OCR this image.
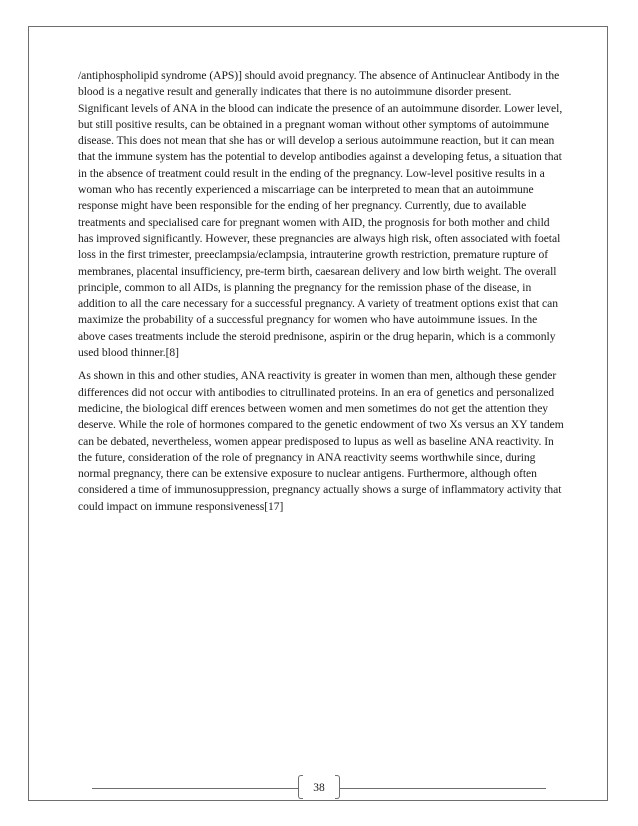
/antiphospholipid syndrome (APS)] should avoid pregnancy. The absence of Antinuclear Antibody in the blood is a negative result and generally indicates that there is no autoimmune disorder present. Significant levels of ANA in the blood can indicate the presence of an autoimmune disorder. Lower level, but still positive results, can be obtained in a pregnant woman without other symptoms of autoimmune disease. This does not mean that she has or will develop a serious autoimmune reaction, but it can mean that the immune system has the potential to develop antibodies against a developing fetus, a situation that in the absence of treatment could result in the ending of the pregnancy. Low-level positive results in a woman who has recently experienced a miscarriage can be interpreted to mean that an autoimmune response might have been responsible for the ending of her pregnancy. Currently, due to available treatments and specialised care for pregnant women with AID, the prognosis for both mother and child has improved significantly. However, these pregnancies are always high risk, often associated with foetal loss in the first trimester, preeclampsia/eclampsia, intrauterine growth restriction, premature rupture of membranes, placental insufficiency, pre-term birth, caesarean delivery and low birth weight. The overall principle, common to all AIDs, is planning the pregnancy for the remission phase of the disease, in addition to all the care necessary for a successful pregnancy. A variety of treatment options exist that can maximize the probability of a successful pregnancy for women who have autoimmune issues. In the above cases treatments include the steroid prednisone, aspirin or the drug heparin, which is a commonly used blood thinner.[8]

As shown in this and other studies, ANA reactivity is greater in women than men, although these gender differences did not occur with antibodies to citrullinated proteins. In an era of genetics and personalized medicine, the biological diff erences between women and men sometimes do not get the attention they deserve. While the role of hormones compared to the genetic endowment of two Xs versus an XY tandem can be debated, nevertheless, women appear predisposed to lupus as well as baseline ANA reactivity. In the future, consideration of the role of pregnancy in ANA reactivity seems worthwhile since, during normal pregnancy, there can be extensive exposure to nuclear antigens. Furthermore, although often considered a time of immunosuppression, pregnancy actually shows a surge of inflammatory activity that could impact on immune responsiveness[17]

38
